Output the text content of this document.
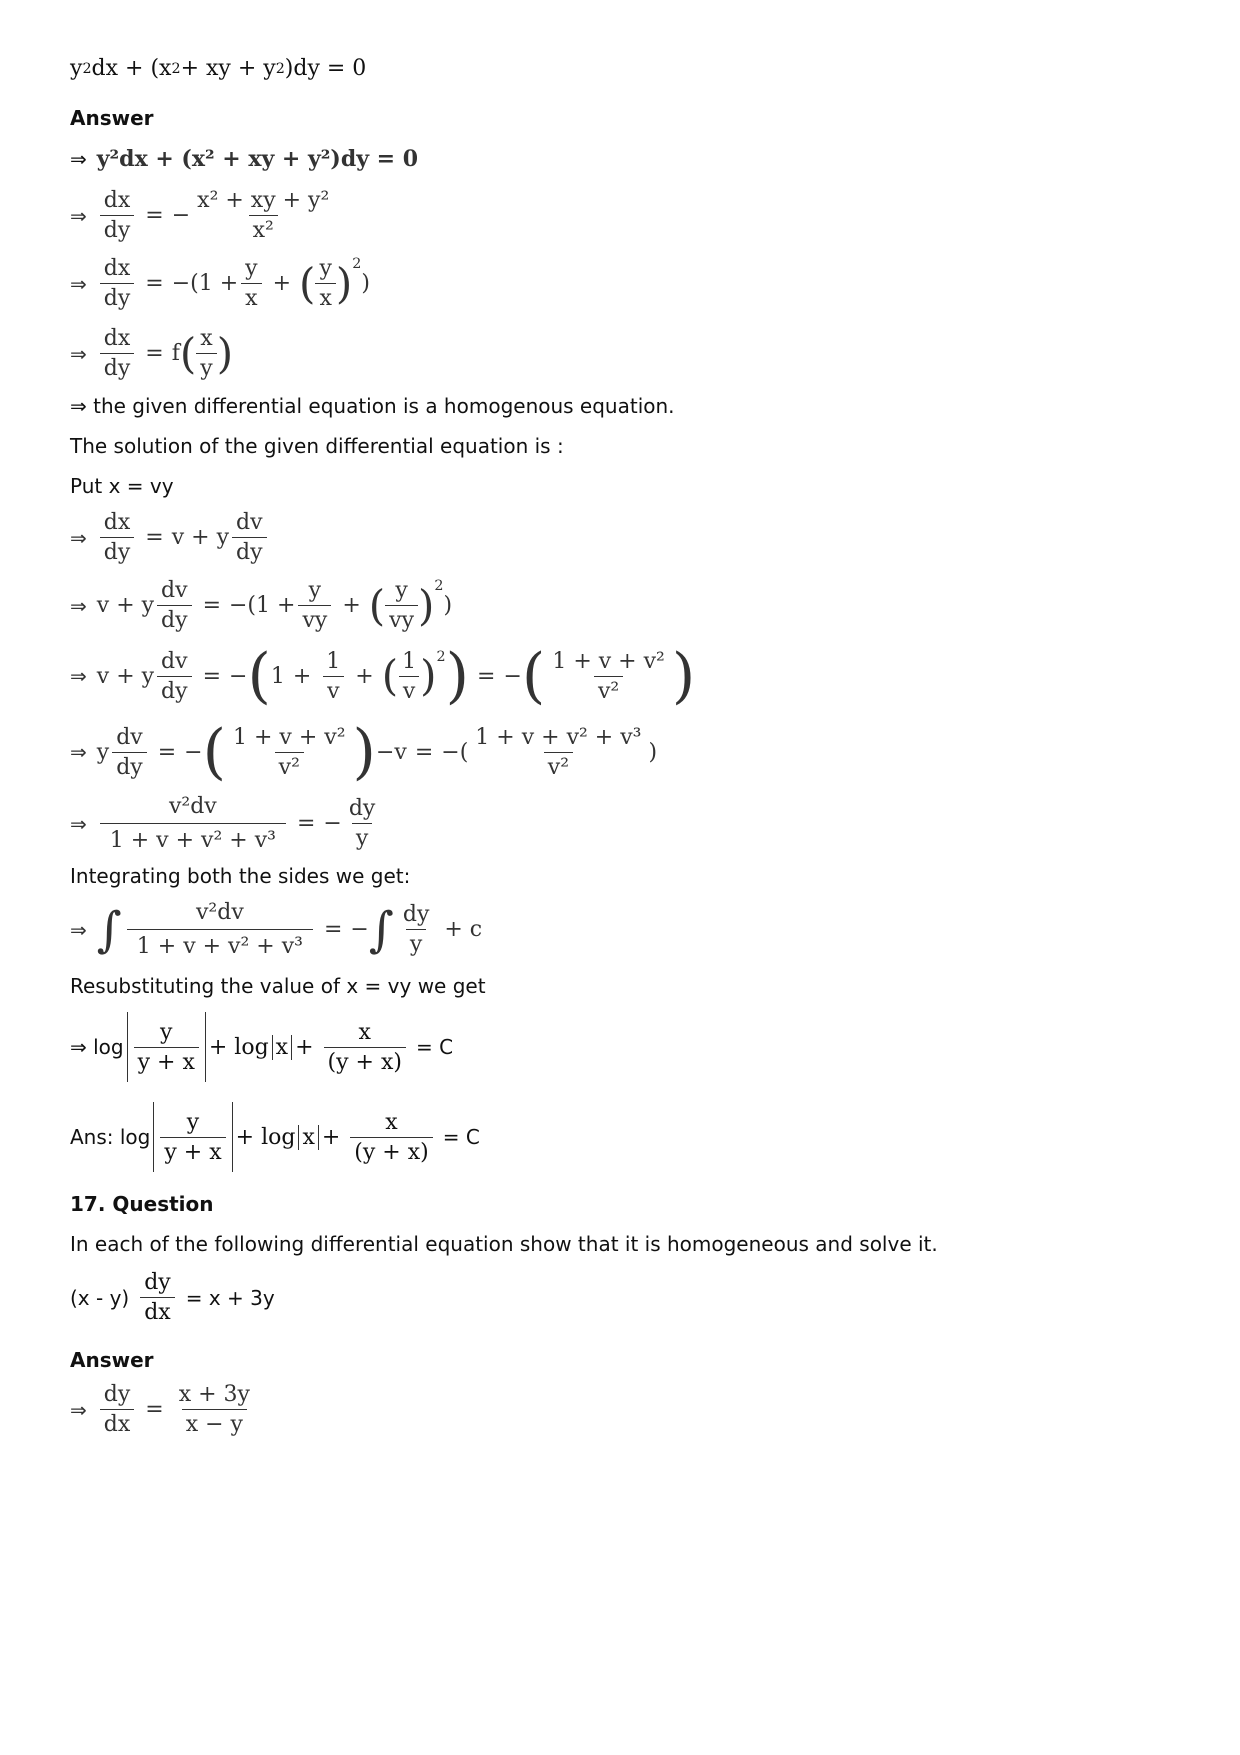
y 2 dx + (x 2 + xy + y 2 )dy = 0
Answer
⇒ y²dx + (x² + xy + y²)dy = 0
⇒ $\frac{dx}{dy}$ = − $\frac{\text{x² + xy + y²}}{\text{x²}}$
⇒ $\frac{dx}{dy} = -(1 + \frac{y}{x}$ + ( $\frac{y}{x} )^2$
)
⇒ $\frac{dx}{dy} = f$ ( $\frac{x}{y}$ )
⇒ the given differential equation is a homogenous equation.
The solution of the given differential equation is :
Put x = vy
⇒ $\frac{dx}{dy} = v + y \frac{dv}{dy}$
⇒ v + y $\frac{dv}{dy} = -(1 + \frac{y}{vy}$ + ( $\frac{y}{vy} )^2$
)
⇒ v + y $\frac{dv}{dy}$ = − ( $1 + \frac{1}{v}$ + ( $\frac{1}{v} )^2$ ) = − ( $\frac{\text{1 + v + v²}}{\text{v²}}$ )
⇒ y $\frac{dv}{dy}$ = − ( $\frac{\text{1 + v + v²}}{\text{v²}}$ ) −v = − ( $\frac{\text{1 + v + v² + v³}}{\text{v²}}$ )
⇒ $\frac{\text{v²dv}}{\text{1 + v + v² + v³}}$ = − $\frac{dy}{y}$
Integrating both the sides we get:
⇒ ∫ $\frac{\text{v²dv}}{\text{1 + v + v² + v³}}$ = − ∫ $\frac{dy}{y} + c$
Resubstituting the value of x = vy we get
⇒ $\log \frac{y}{y + x} + \log x + \frac{x}{(y + x)} = C$
Ans: $\log \frac{y}{y + x} + \log x + \frac{x}{(y + x)} = C$
17. Question
In each of the following differential equation show that it is homogeneous and solve it.
$(x - y) \frac{dy}{dx} = x + 3y$
Answer
⇒ $\frac{dy}{dx} = \frac{x + 3y}{x - y}$
